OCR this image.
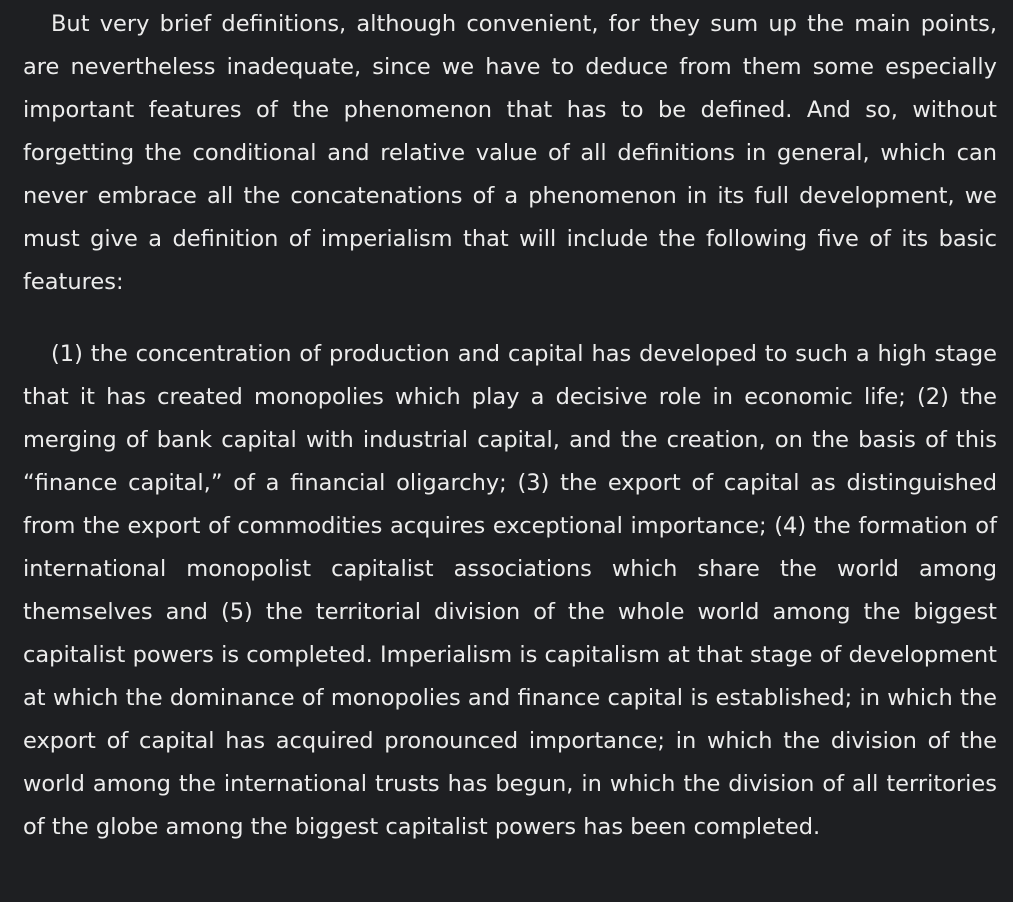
But very brief definitions, although convenient, for they sum up the main points, are nevertheless inadequate, since we have to deduce from them some especially important features of the phenomenon that has to be defined. And so, without forgetting the conditional and relative value of all definitions in general, which can never embrace all the concatenations of a phenomenon in its full development, we must give a definition of imperialism that will include the following five of its basic features:

(1) the concentration of production and capital has developed to such a high stage that it has created monopolies which play a decisive role in economic life; (2) the merging of bank capital with industrial capital, and the creation, on the basis of this “finance capital,” of a financial oligarchy; (3) the export of capital as distinguished from the export of commodities acquires exceptional importance; (4) the formation of international monopolist capitalist associations which share the world among themselves and (5) the territorial division of the whole world among the biggest capitalist powers is completed. Imperialism is capitalism at that stage of development at which the dominance of monopolies and finance capital is established; in which the export of capital has acquired pronounced importance; in which the division of the world among the international trusts has begun, in which the division of all territories of the globe among the biggest capitalist powers has been completed.
